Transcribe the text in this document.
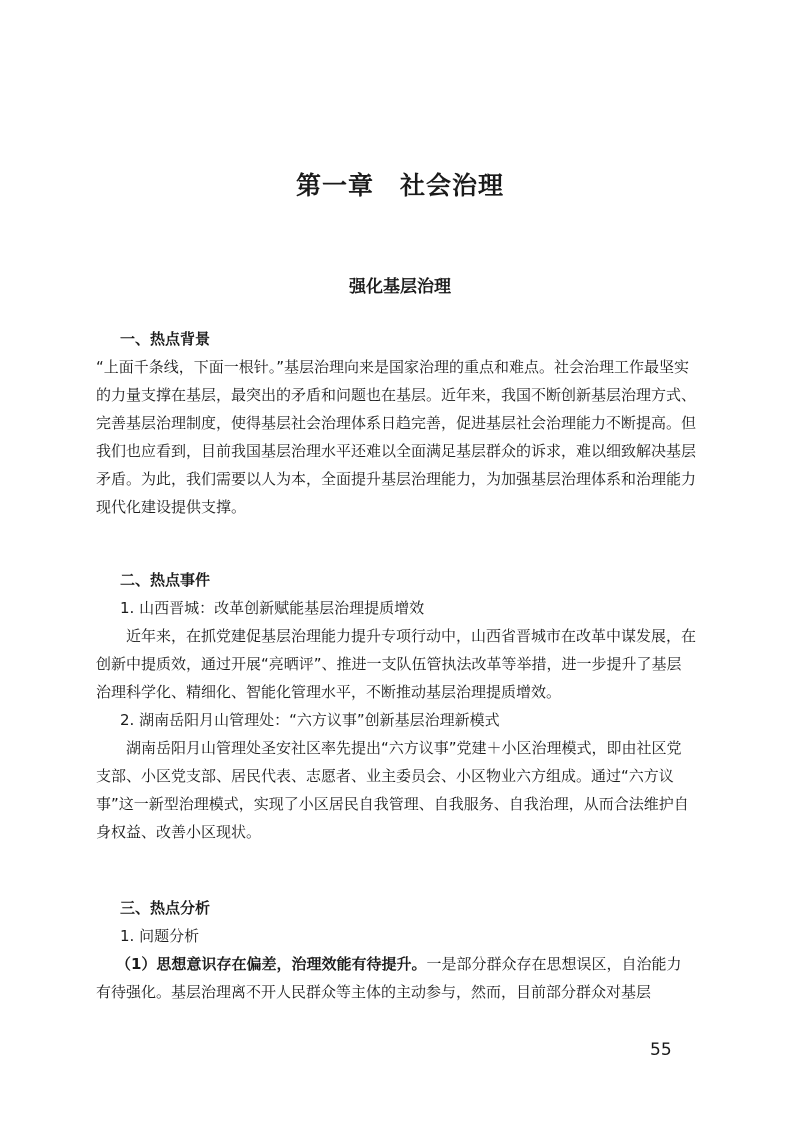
第一章　社会治理
强化基层治理
一、热点背景

“上面千条线，下面一根针。”基层治理向来是国家治理的重点和难点。社会治理工作最坚实的力量支撑在基层，最突出的矛盾和问题也在基层。近年来，我国不断创新基层治理方式、完善基层治理制度，使得基层社会治理体系日趋完善，促进基层社会治理能力不断提高。但我们也应看到，目前我国基层治理水平还难以全面满足基层群众的诉求，难以细致解决基层矛盾。为此，我们需要以人为本，全面提升基层治理能力，为加强基层治理体系和治理能力现代化建设提供支撑。

二、热点事件
1. 山西晋城：改革创新赋能基层治理提质增效

近年来，在抓党建促基层治理能力提升专项行动中，山西省晋城市在改革中谋发展，在创新中提质效，通过开展“亮晒评”、推进一支队伍管执法改革等举措，进一步提升了基层治理科学化、精细化、智能化管理水平，不断推动基层治理提质增效。

2. 湖南岳阳月山管理处：“六方议事”创新基层治理新模式

湖南岳阳月山管理处圣安社区率先提出“六方议事”党建＋小区治理模式，即由社区党支部、小区党支部、居民代表、志愿者、业主委员会、小区物业六方组成。通过“六方议事”这一新型治理模式，实现了小区居民自我管理、自我服务、自我治理，从而合法维护自身权益、改善小区现状。

三、热点分析
1. 问题分析

（1）思想意识存在偏差，治理效能有待提升。一是部分群众存在思想误区，自治能力有待强化。基层治理离不开人民群众等主体的主动参与，然而，目前部分群众对基层

55
